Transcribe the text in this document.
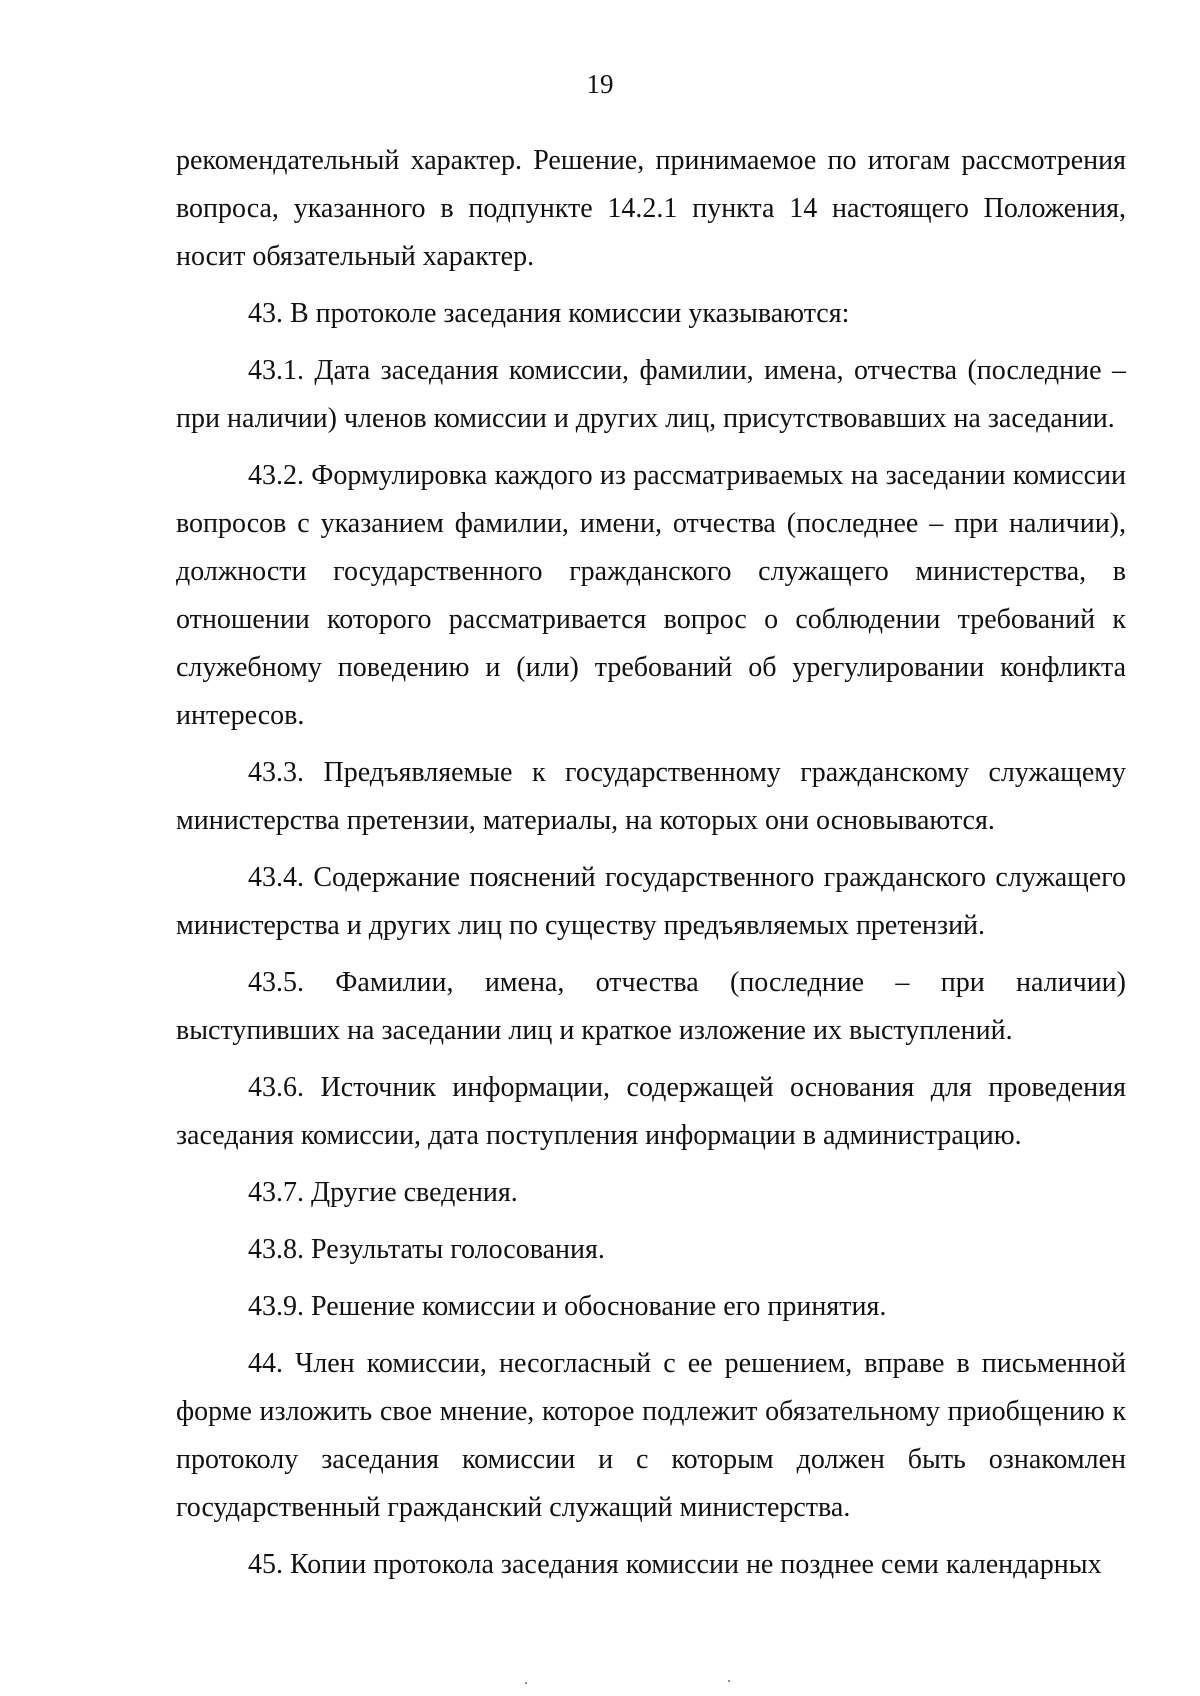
19

рекомендательный характер. Решение, принимаемое по итогам рассмотрения вопроса, указанного в подпункте 14.2.1 пункта 14 настоящего Положения, носит обязательный характер.

43. В протоколе заседания комиссии указываются:

43.1. Дата заседания комиссии, фамилии, имена, отчества (последние – при наличии) членов комиссии и других лиц, присутствовавших на заседании.

43.2. Формулировка каждого из рассматриваемых на заседании комиссии вопросов с указанием фамилии, имени, отчества (последнее – при наличии), должности государственного гражданского служащего министерства, в отношении которого рассматривается вопрос о соблюдении требований к служебному поведению и (или) требований об урегулировании конфликта интересов.

43.3. Предъявляемые к государственному гражданскому служащему министерства претензии, материалы, на которых они основываются.

43.4. Содержание пояснений государственного гражданского служащего министерства и других лиц по существу предъявляемых претензий.

43.5. Фамилии, имена, отчества (последние – при наличии) выступивших на заседании лиц и краткое изложение их выступлений.

43.6. Источник информации, содержащей основания для проведения заседания комиссии, дата поступления информации в администрацию.

43.7. Другие сведения.

43.8. Результаты голосования.

43.9. Решение комиссии и обоснование его принятия.

44. Член комиссии, несогласный с ее решением, вправе в письменной форме изложить свое мнение, которое подлежит обязательному приобщению к протоколу заседания комиссии и с которым должен быть ознакомлен государственный гражданский служащий министерства.

45. Копии протокола заседания комиссии не позднее семи календарных
